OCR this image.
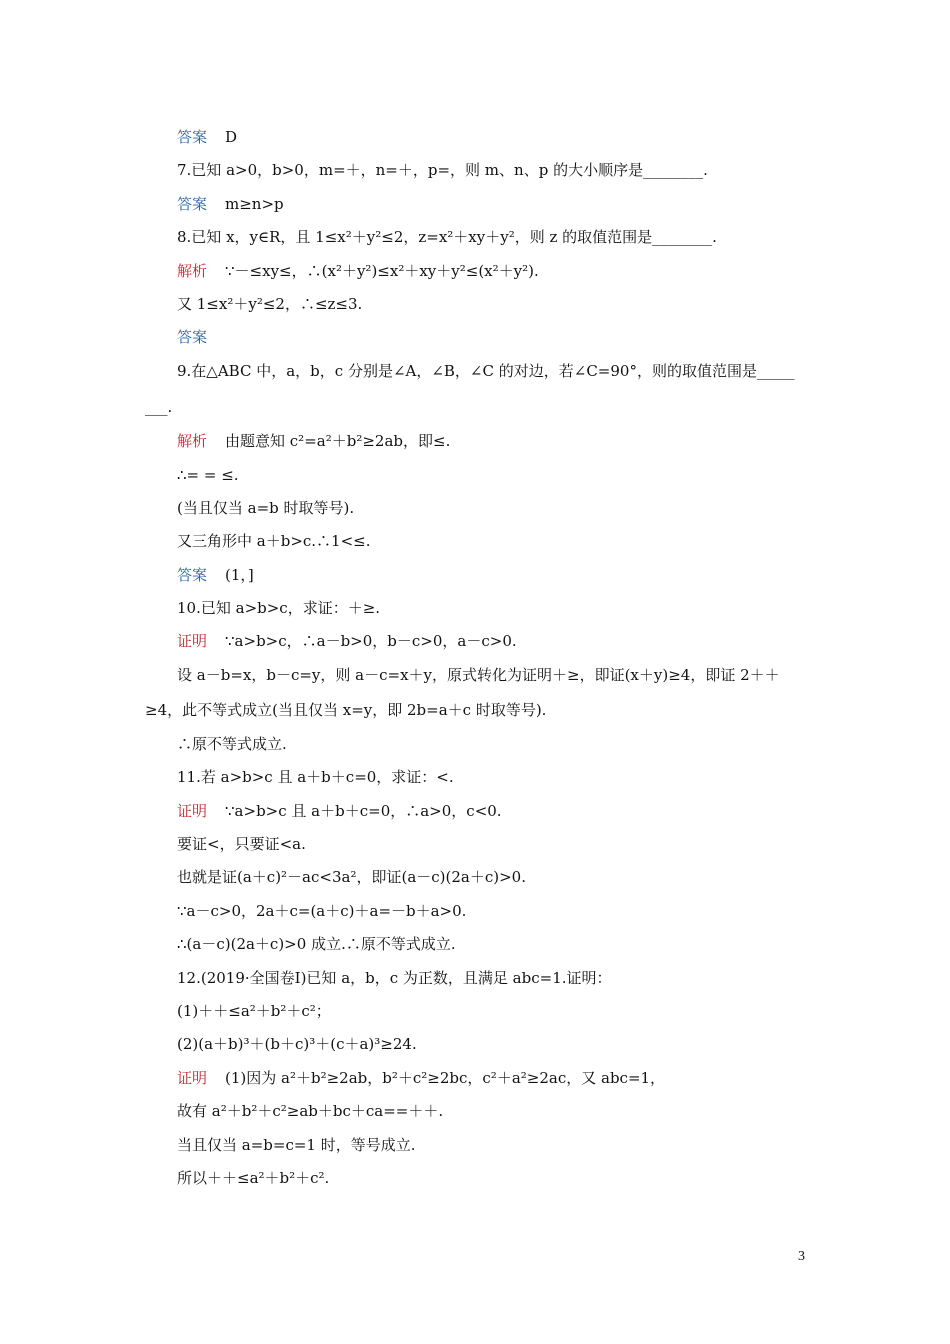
答案 D
7.已知 a>0，b>0，m=＋，n=＋，p=，则 m、n、p 的大小顺序是________.
答案 m≥n>p
8.已知 x，y∈R，且 1≤x²＋y²≤2，z=x²＋xy＋y²，则 z 的取值范围是________.
解析 ∵－≤xy≤，∴(x²＋y²)≤x²＋xy＋y²≤(x²＋y²).
又 1≤x²＋y²≤2，∴≤z≤3.
答案
9.在△ABC 中，a，b，c 分别是∠A，∠B，∠C 的对边，若∠C=90°，则的取值范围是_____
___.
解析 由题意知 c²=a²＋b²≥2ab，即≤.
∴= = ≤.
(当且仅当 a=b 时取等号).
又三角形中 a＋b>c.∴1<≤.
答案 (1，]
10.已知 a>b>c，求证：＋≥.
证明 ∵a>b>c，∴a－b>0，b－c>0，a－c>0.
设 a－b=x，b－c=y，则 a－c=x＋y，原式转化为证明＋≥，即证(x＋y)≥4，即证 2＋＋
≥4，此不等式成立(当且仅当 x=y，即 2b=a＋c 时取等号).
∴原不等式成立.
11.若 a>b>c 且 a＋b＋c=0，求证：<.
证明 ∵a>b>c 且 a＋b＋c=0，∴a>0，c<0.
要证<，只要证<a.
也就是证(a＋c)²－ac<3a²，即证(a－c)(2a＋c)>0.
∵a－c>0，2a＋c=(a＋c)＋a=－b＋a>0.
∴(a－c)(2a＋c)>0 成立.∴原不等式成立.
12.(2019·全国卷Ⅰ)已知 a，b，c 为正数，且满足 abc=1.证明：
(1)＋＋≤a²＋b²＋c²；
(2)(a＋b)³＋(b＋c)³＋(c＋a)³≥24.
证明 (1)因为 a²＋b²≥2ab，b²＋c²≥2bc，c²＋a²≥2ac，又 abc=1，
故有 a²＋b²＋c²≥ab＋bc＋ca==＋＋.
当且仅当 a=b=c=1 时，等号成立.
所以＋＋≤a²＋b²＋c².
3
